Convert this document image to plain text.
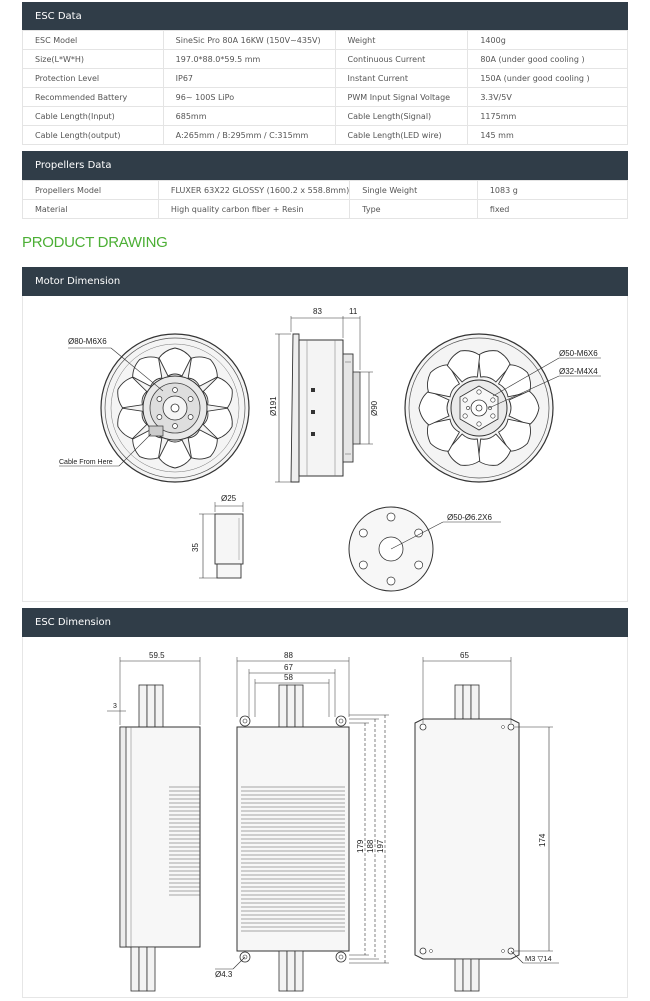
ESC Data
ESC Model	SineSic Pro 80A 16KW (150V~435V)	Weight	1400g
Size(L*W*H)	197.0*88.0*59.5 mm	Continuous Current	80A (under good cooling )
Protection Level	IP67	Instant Current	150A (under good cooling )
Recommended Battery	96~ 100S LiPo	PWM Input Signal Voltage	3.3V/5V
Cable Length(Input)	685mm	Cable Length(Signal)	1175mm
Cable Length(output)	A:265mm / B:295mm / C:315mm	Cable Length(LED wire)	145 mm
Propellers Data
Propellers Model	FLUXER 63X22 GLOSSY (1600.2 x 558.8mm)	Single Weight	1083 g
Material	High quality carbon fiber + Resin	Type	fixed
PRODUCT DRAWING
Motor Dimension
Ø80-M6X6
Cable From Here
83	11
Ø191	Ø90
Ø50-M6X6
Ø32-M4X4
Ø25
35
Ø50-Ø6.2X6
ESC Dimension
59.5
3
88
67
58
179 188 197
Ø4.3
65
174
M3 ▽14
